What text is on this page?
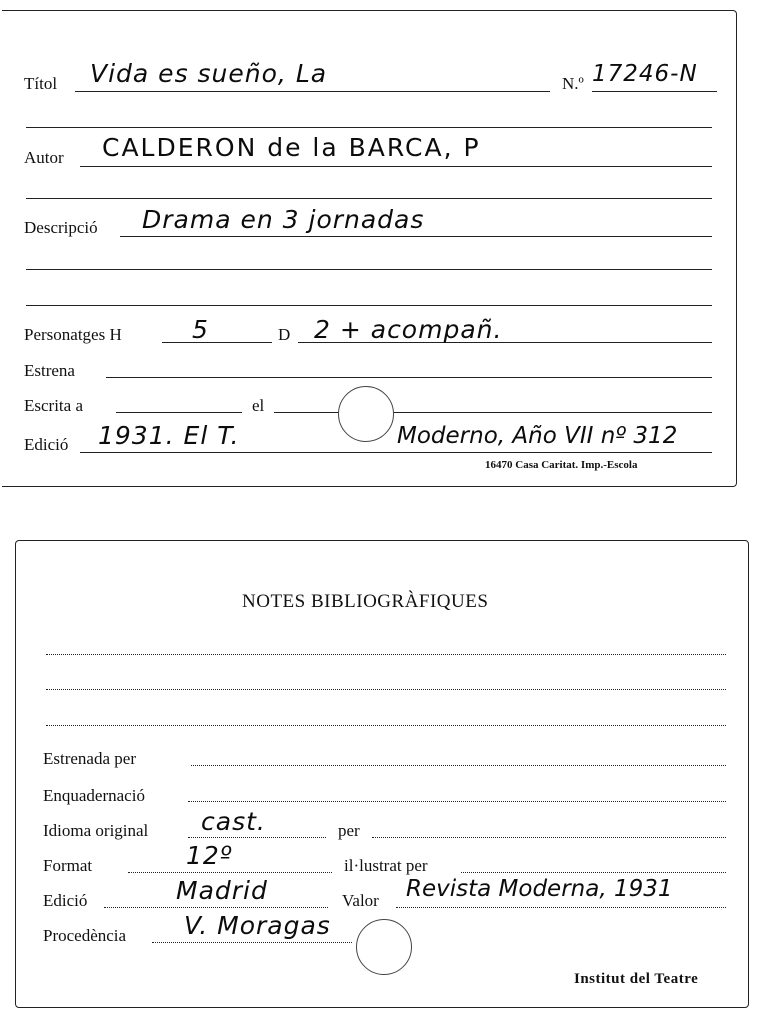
Títol Vida es sueño, La	N.º 17246-N
Autor CALDERON de la BARCA, P
Descripció Drama en 3 jornadas
Personatges H	5	D 2 + acompañ.
Estrena
Escrita a	el
Edició 1931. El T.	Moderno, Año VII nº 312
16470 Casa Caritat. Imp.-Escola
NOTES BIBLIOGRÀFIQUES
Estrenada per
Enquadernació
Idioma original cast.	per
Format	12º	il·lustrat per
Edició	Madrid	Valor Revista Moderna, 1931
Procedència V. Moragas
Institut del Teatre
